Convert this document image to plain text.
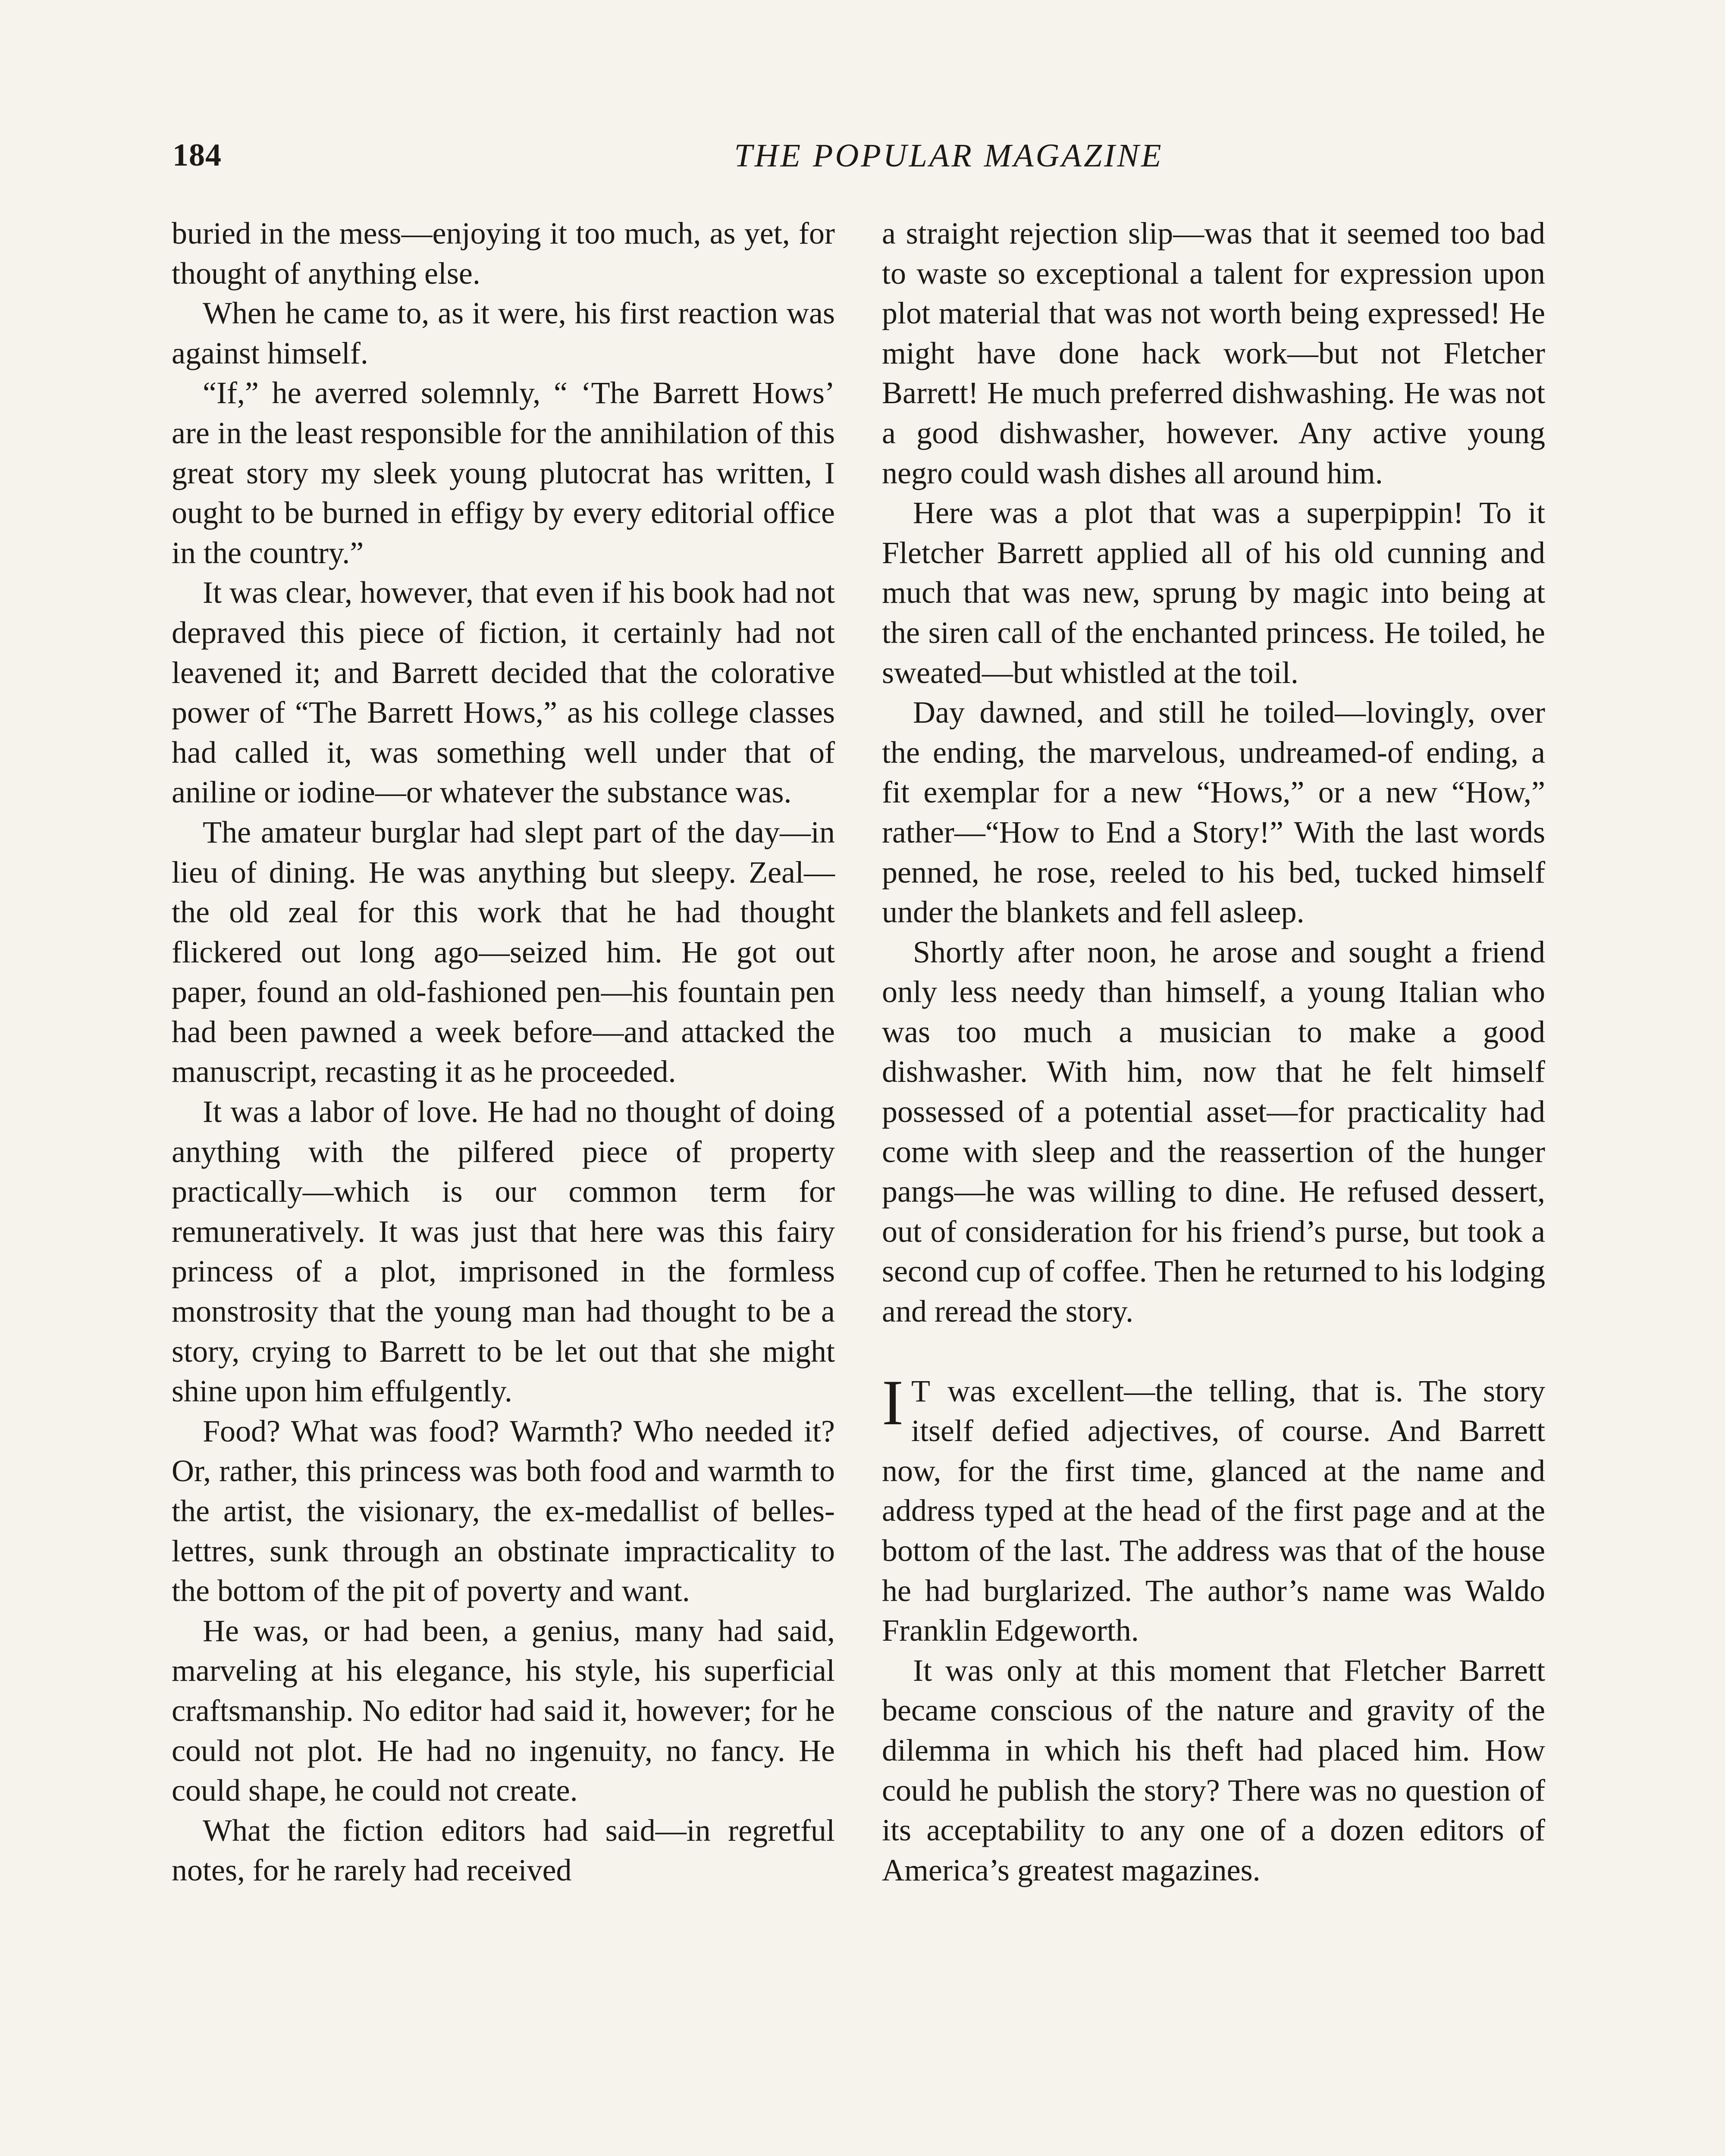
184	THE POPULAR MAGAZINE

buried in the mess—enjoying it too much, as yet, for thought of anything else.

When he came to, as it were, his first reaction was against himself.

“If,” he averred solemnly, “ ‘The Barrett Hows’ are in the least responsible for the annihilation of this great story my sleek young plutocrat has written, I ought to be burned in effigy by every editorial office in the country.”

It was clear, however, that even if his book had not depraved this piece of fiction, it certainly had not leavened it; and Barrett decided that the colorative power of “The Barrett Hows,” as his college classes had called it, was something well under that of aniline or iodine—or whatever the substance was.

The amateur burglar had slept part of the day—in lieu of dining. He was anything but sleepy. Zeal—the old zeal for this work that he had thought flickered out long ago—seized him. He got out paper, found an old-fashioned pen—his fountain pen had been pawned a week before—and attacked the manuscript, recasting it as he proceeded.

It was a labor of love. He had no thought of doing anything with the pilfered piece of property practically—which is our common term for remuneratively. It was just that here was this fairy princess of a plot, imprisoned in the formless monstrosity that the young man had thought to be a story, crying to Barrett to be let out that she might shine upon him effulgently.

Food? What was food? Warmth? Who needed it? Or, rather, this princess was both food and warmth to the artist, the visionary, the ex-medallist of belles-lettres, sunk through an obstinate impracticality to the bottom of the pit of poverty and want.

He was, or had been, a genius, many had said, marveling at his elegance, his style, his superficial craftsmanship. No editor had said it, however; for he could not plot. He had no ingenuity, no fancy. He could shape, he could not create.

What the fiction editors had said—in regretful notes, for he rarely had received

a straight rejection slip—was that it seemed too bad to waste so exceptional a talent for expression upon plot material that was not worth being expressed! He might have done hack work—but not Fletcher Barrett! He much preferred dishwashing. He was not a good dishwasher, however. Any active young negro could wash dishes all around him.

Here was a plot that was a superpippin! To it Fletcher Barrett applied all of his old cunning and much that was new, sprung by magic into being at the siren call of the enchanted princess. He toiled, he sweated—but whistled at the toil.

Day dawned, and still he toiled—lovingly, over the ending, the marvelous, undreamed-of ending, a fit exemplar for a new “Hows,” or a new “How,” rather—“How to End a Story!” With the last words penned, he rose, reeled to his bed, tucked himself under the blankets and fell asleep.

Shortly after noon, he arose and sought a friend only less needy than himself, a young Italian who was too much a musician to make a good dishwasher. With him, now that he felt himself possessed of a potential asset—for practicality had come with sleep and the reassertion of the hunger pangs—he was willing to dine. He refused dessert, out of consideration for his friend’s purse, but took a second cup of coffee. Then he returned to his lodging and reread the story.

I T was excellent—the telling, that is. The story itself defied adjectives, of course. And Barrett now, for the first time, glanced at the name and address typed at the head of the first page and at the bottom of the last. The address was that of the house he had burglarized. The author’s name was Waldo Franklin Edgeworth.

It was only at this moment that Fletcher Barrett became conscious of the nature and gravity of the dilemma in which his theft had placed him. How could he publish the story? There was no question of its acceptability to any one of a dozen editors of America’s greatest magazines.
